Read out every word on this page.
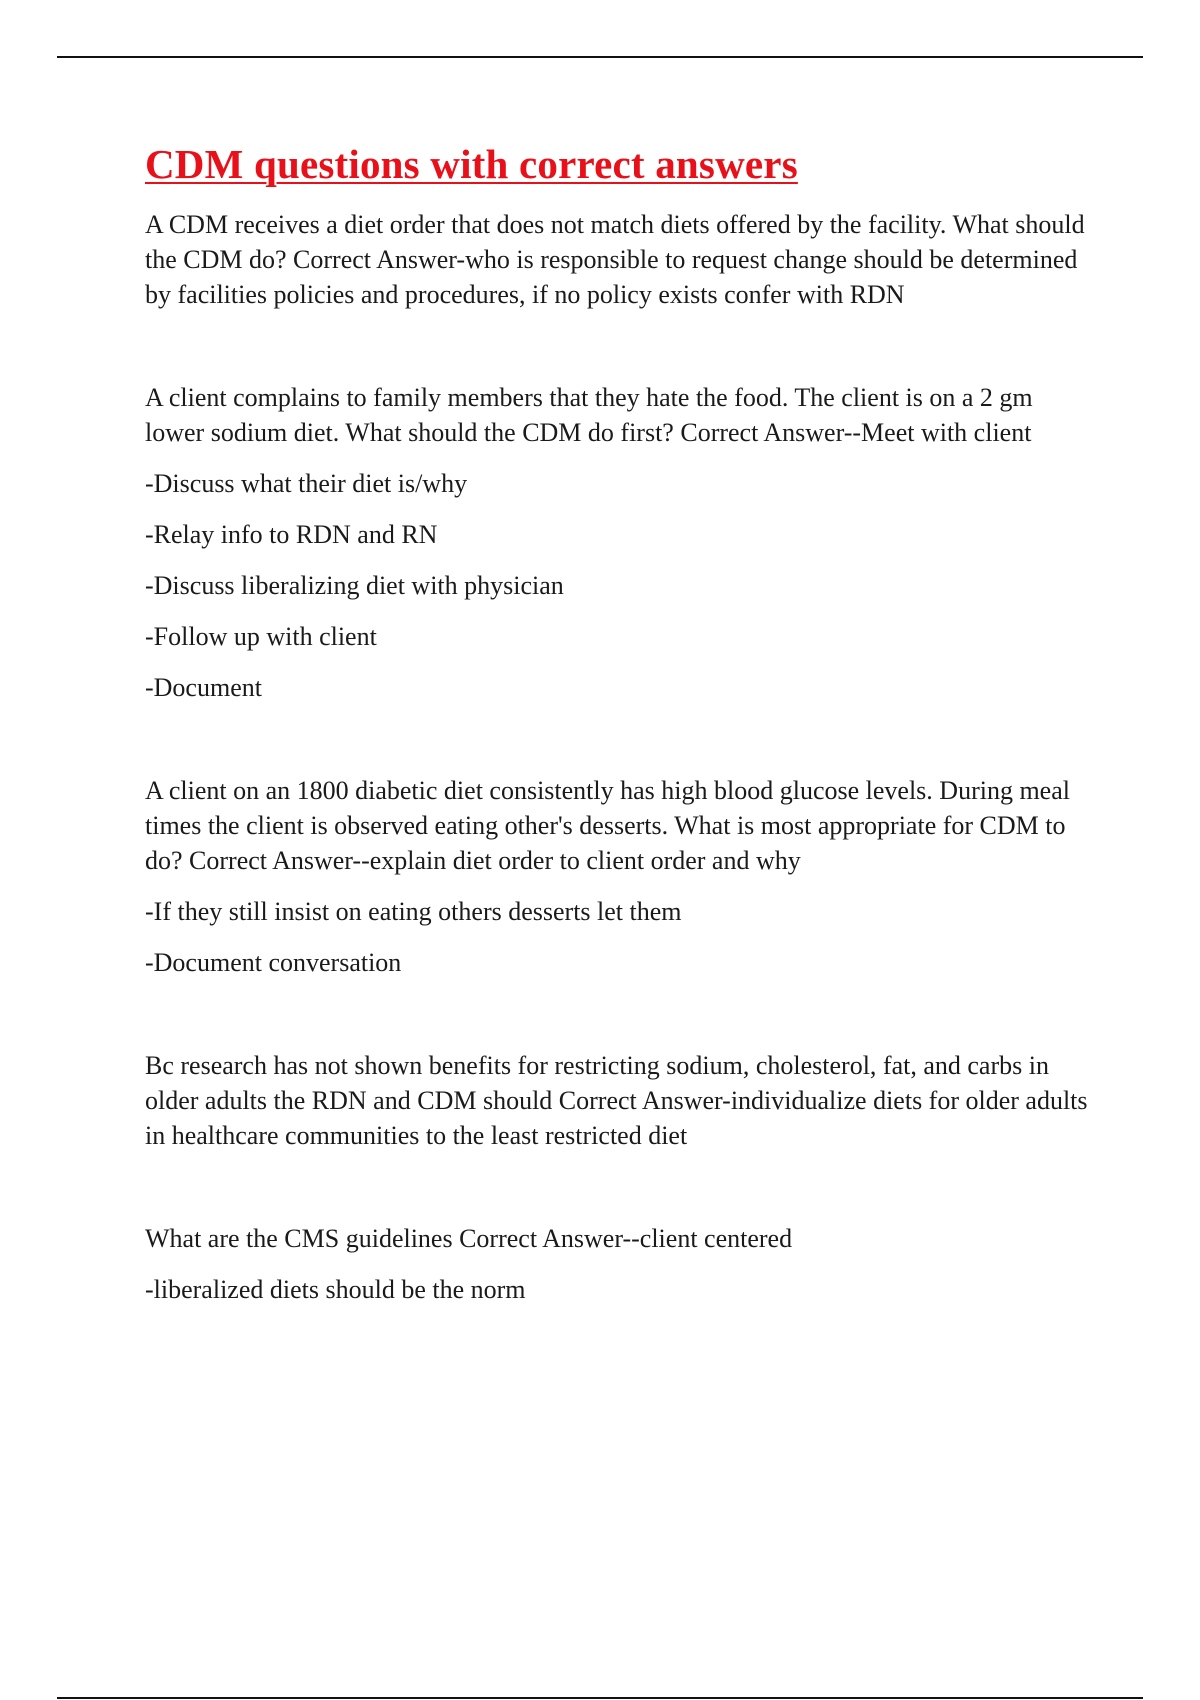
CDM questions with correct answers

A CDM receives a diet order that does not match diets offered by the facility. What should the CDM do? Correct Answer-who is responsible to request change should be determined by facilities policies and procedures, if no policy exists confer with RDN

A client complains to family members that they hate the food. The client is on a 2 gm lower sodium diet. What should the CDM do first? Correct Answer--Meet with client

-Discuss what their diet is/why

-Relay info to RDN and RN

-Discuss liberalizing diet with physician

-Follow up with client

-Document

A client on an 1800 diabetic diet consistently has high blood glucose levels. During meal times the client is observed eating other's desserts. What is most appropriate for CDM to do? Correct Answer--explain diet order to client order and why

-If they still insist on eating others desserts let them

-Document conversation

Bc research has not shown benefits for restricting sodium, cholesterol, fat, and carbs in older adults the RDN and CDM should Correct Answer-individualize diets for older adults in healthcare communities to the least restricted diet

What are the CMS guidelines Correct Answer--client centered

-liberalized diets should be the norm
